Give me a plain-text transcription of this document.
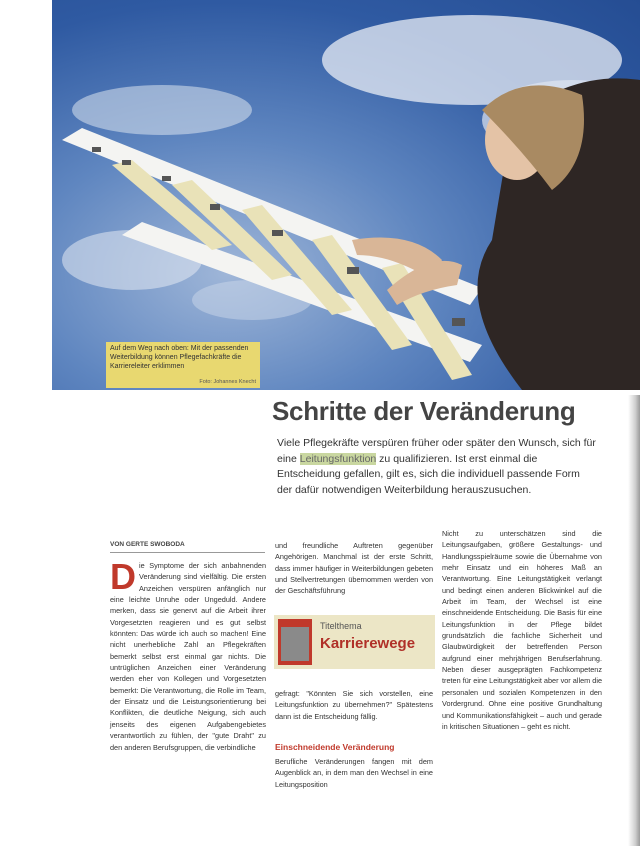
Auf dem Weg nach oben: Mit der passenden Weiterbildung können Pflegefachkräfte die Karriereleiter erklimmen

Foto: Johannes Knecht
Schritte der Veränderung

Viele Pflegekräfte verspüren früher oder später den Wunsch, sich für eine Leitungsfunktion zu qualifizieren. Ist erst einmal die Entscheidung gefallen, gilt es, sich die individuell passende Form der dafür notwendigen Weiterbildung herauszusuchen.

VON GERTE SWOBODA

Die Symptome der sich anbahnenden Veränderung sind vielfältig. Die ersten Anzeichen verspüren anfänglich nur eine leichte Unruhe oder Ungeduld. Andere merken, dass sie genervt auf die Arbeit ihrer Vorgesetzten reagieren und es gut selbst könnten: Das würde ich auch so machen! Eine nicht unerhebliche Zahl an Pflegekräften bemerkt selbst erst einmal gar nichts. Die untrüglichen Anzeichen einer Veränderung werden eher von Kollegen und Vorgesetzten bemerkt: Die Verantwortung, die Rolle im Team, der Einsatz und die Leistungsorientierung bei Konflikten, die deutliche Neigung, sich auch jenseits des eigenen Aufgabengebietes verantwortlich zu fühlen, der "gute Draht" zu den anderen Berufsgruppen, die verbindliche

und freundliche Auftreten gegenüber Angehörigen. Manchmal ist der erste Schritt, dass immer häufiger in Weiterbildungen gebeten und Stellvertretungen übernommen werden von der Geschäftsführung

Titelthema
Karrierewege

gefragt: "Könnten Sie sich vorstellen, eine Leitungsfunktion zu übernehmen?" Spätestens dann ist die Entscheidung fällig.

Einschneidende Veränderung

Berufliche Veränderungen fangen mit dem Augenblick an, in dem man den Wechsel in eine Leitungsposition

Nicht zu unterschätzen sind die Leitungsaufgaben, größere Gestaltungs- und Handlungsspielräume sowie die Übernahme von mehr Einsatz und ein höheres Maß an Verantwortung. Eine Leitungstätigkeit verlangt und bedingt einen anderen Blickwinkel auf die Arbeit im Team, der Wechsel ist eine einschneidende Entscheidung. Die Basis für eine Leitungsfunktion in der Pflege bildet grundsätzlich die fachliche Sicherheit und Glaubwürdigkeit der betreffenden Person aufgrund einer mehrjährigen Berufserfahrung. Neben dieser ausgeprägten Fachkompetenz treten für eine Leitungstätigkeit aber vor allem die personalen und sozialen Kompetenzen in den Vordergrund. Ohne eine positive Grundhaltung und Kommunikationsfähigkeit – auch und gerade in kritischen Situationen – geht es nicht.
